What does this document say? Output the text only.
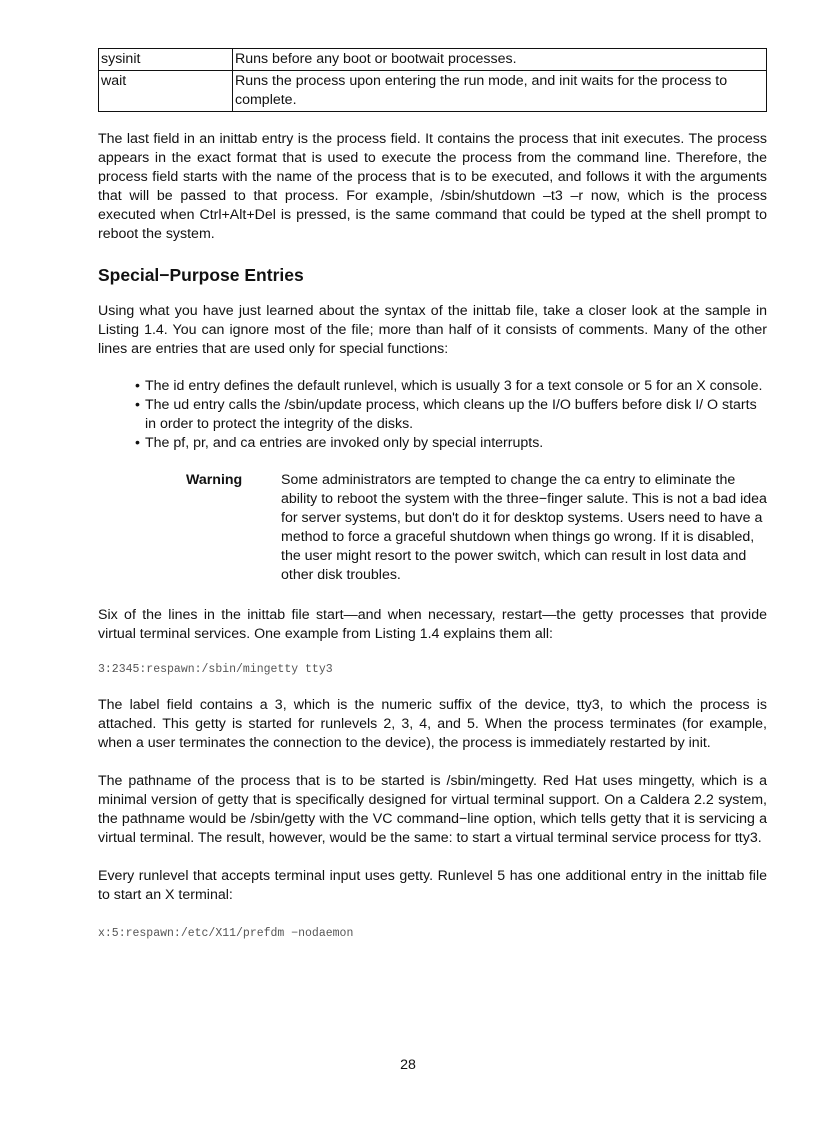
sysinit	Runs before any boot or bootwait processes.
wait	Runs the process upon entering the run mode, and init waits for the process to complete.

The last field in an inittab entry is the process field. It contains the process that init executes. The process appears in the exact format that is used to execute the process from the command line. Therefore, the process field starts with the name of the process that is to be executed, and follows it with the arguments that will be passed to that process. For example, /sbin/shutdown –t3 –r now, which is the process executed when Ctrl+Alt+Del is pressed, is the same command that could be typed at the shell prompt to reboot the system.

Special−Purpose Entries

Using what you have just learned about the syntax of the inittab file, take a closer look at the sample in Listing 1.4. You can ignore most of the file; more than half of it consists of comments. Many of the other lines are entries that are used only for special functions:

• The id entry defines the default runlevel, which is usually 3 for a text console or 5 for an X console.
• The ud entry calls the /sbin/update process, which cleans up the I/O buffers before disk I/ O starts in order to protect the integrity of the disks.
• The pf, pr, and ca entries are invoked only by special interrupts.
Warning	Some administrators are tempted to change the ca entry to eliminate the ability to reboot the system with the three−finger salute. This is not a bad idea for server systems, but don't do it for desktop systems. Users need to have a method to force a graceful shutdown when things go wrong. If it is disabled, the user might resort to the power switch, which can result in lost data and other disk troubles.

Six of the lines in the inittab file start—and when necessary, restart—the getty processes that provide virtual terminal services. One example from Listing 1.4 explains them all:

3:2345:respawn:/sbin/mingetty tty3

The label field contains a 3, which is the numeric suffix of the device, tty3, to which the process is attached. This getty is started for runlevels 2, 3, 4, and 5. When the process terminates (for example, when a user terminates the connection to the device), the process is immediately restarted by init.

The pathname of the process that is to be started is /sbin/mingetty. Red Hat uses mingetty, which is a minimal version of getty that is specifically designed for virtual terminal support. On a Caldera 2.2 system, the pathname would be /sbin/getty with the VC command−line option, which tells getty that it is servicing a virtual terminal. The result, however, would be the same: to start a virtual terminal service process for tty3.

Every runlevel that accepts terminal input uses getty. Runlevel 5 has one additional entry in the inittab file to start an X terminal:

x:5:respawn:/etc/X11/prefdm −nodaemon
28
